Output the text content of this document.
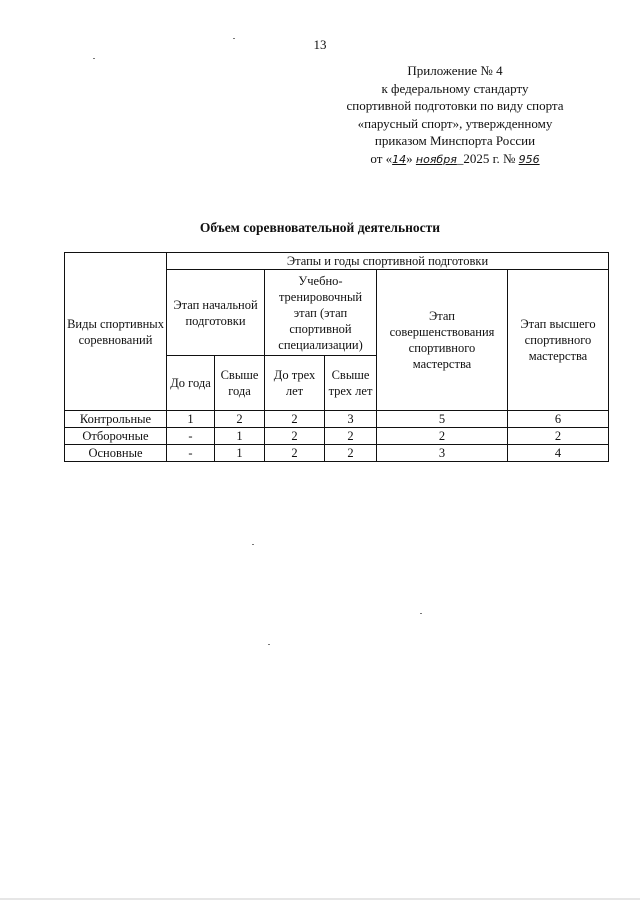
13
Приложение № 4
к федеральному стандарту
спортивной подготовки по виду спорта
«парусный спорт», утвержденному
приказом Минспорта России
от «14» ноября_2025 г. № 956
Объем соревновательной деятельности
Виды спортивных соревнований	Этапы и годы спортивной подготовки					
	Этап начальной подготовки		Учебно-тренировочный этап (этап спортивной специализации)		Этап совершенствования спортивного мастерства	Этап высшего спортивного мастерства
	До года	Свыше года	До трех лет	Свыше трех лет		
Контрольные	1	2	2	3	5	6
Отборочные	-	1	2	2	2	2
Основные	-	1	2	2	3	4
